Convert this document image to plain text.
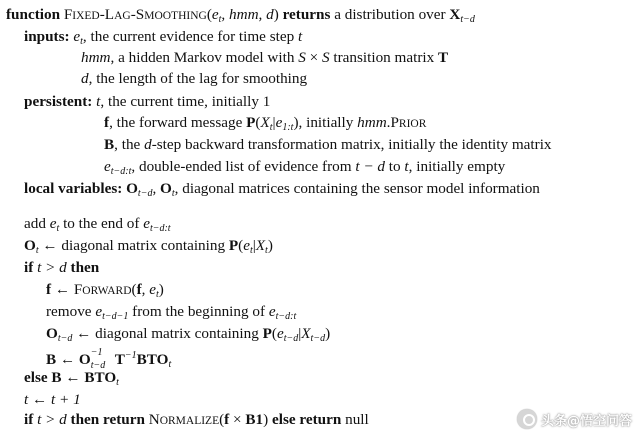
function FIXED-$LAG-SMOOTHING(e_t$, hmm, d) returns a distribution over $X_{t-d}$
inputs: $e_t$, the current evidence for time step t
hmm, a hidden Markov model with S × S transition matrix T
d, the length of the lag for smoothing
persistent: t, the current time, initially 1
f, the forward message $P(X_t|e_{1:t})$, initially hmm.PRIOR
B, the d-step backward transformation matrix, initially the identity matrix
$e_{t-d:t}$, double-ended list of evidence from t − d to t, initially empty
local variables: $O_{t-d}$, $O_t$, diagonal matrices containing the sensor model information
add $e_t$ to the end of $e_{t-d:t}$
$O_t$ ← diagonal matrix containing $P(e_t|X_t)$
if t > d then
f ← FORWARD(f, $e_t$)
remove $e_{t-d-1}$ from the beginning of $e_{t-d:t}$
$O_{t-d}$ ← diagonal matrix containing $P(e_{t-d}|X_{t-d})$
B ← O −1
t−d $T^{-1}BTO_t$
else B ← $BTO_t$
t ← t + 1
if t > d then return NORMALIZE(f × B1) else return null	头条@悟空问答
